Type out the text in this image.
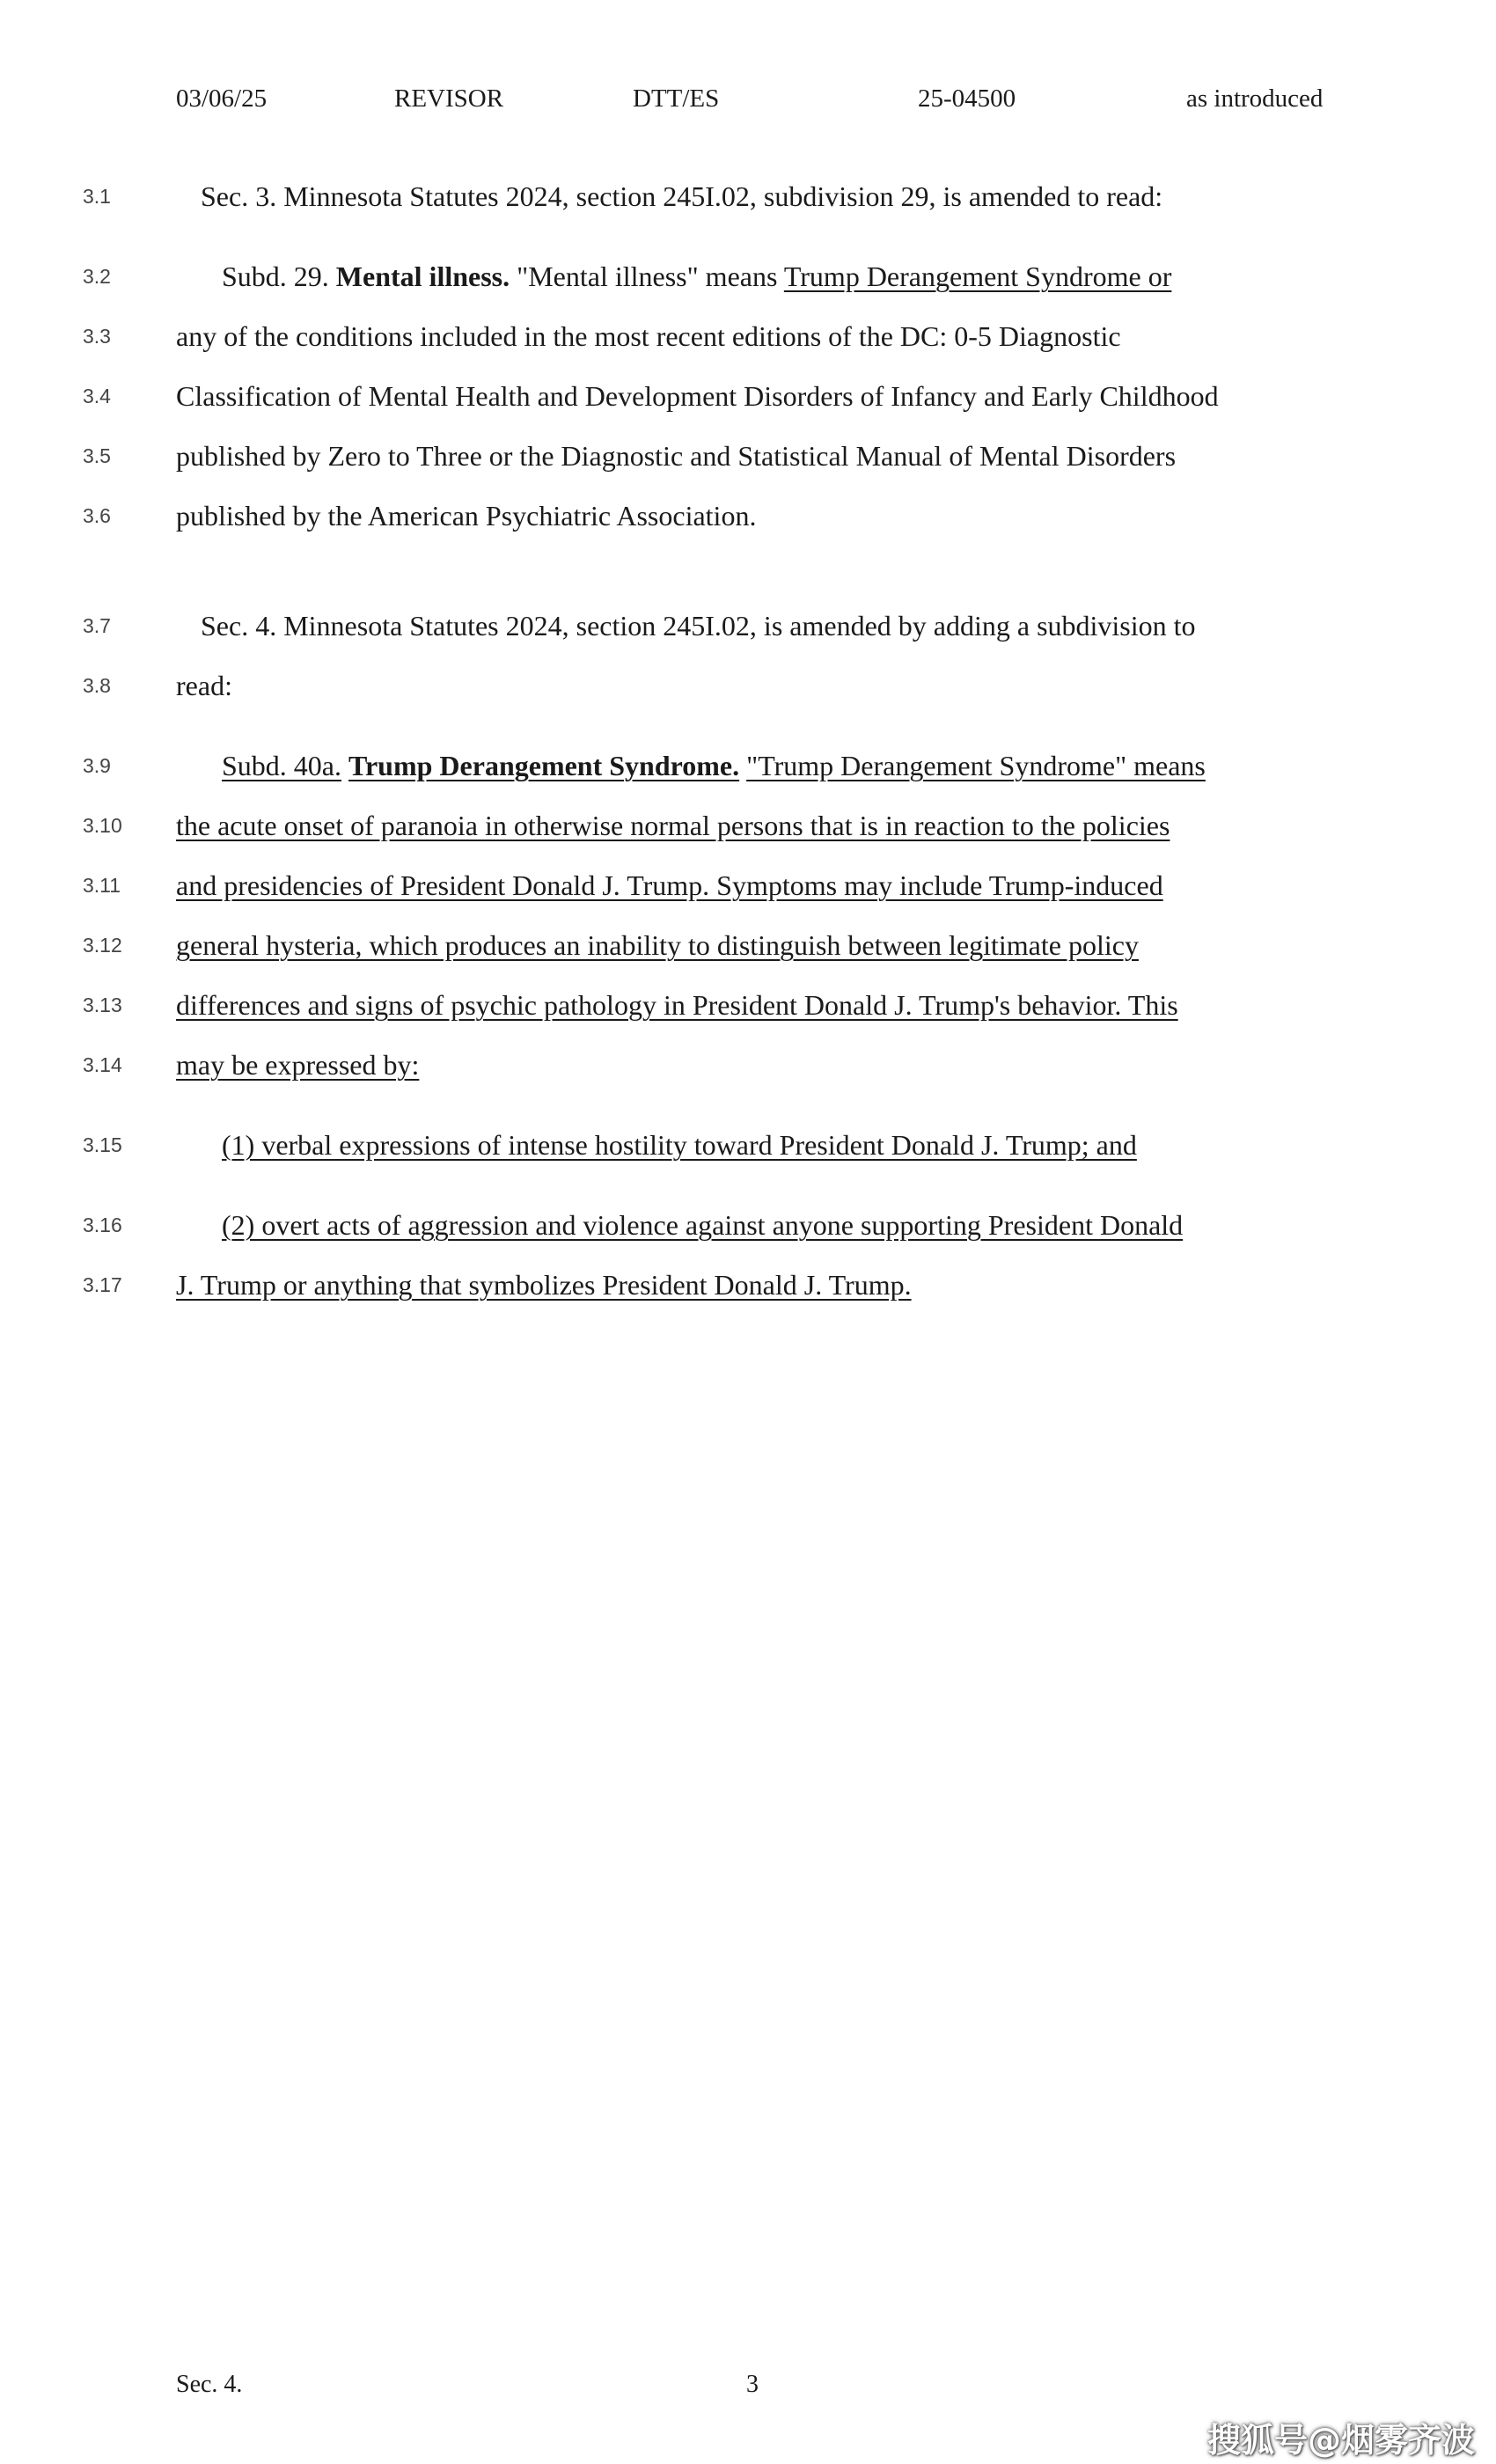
03/06/25	REVISOR	DTT/ES	25-04500	as introduced
3.1	Sec. 3. Minnesota Statutes 2024, section 245I.02, subdivision 29, is amended to read:
3.2	Subd. 29. Mental illness. "Mental illness" means Trump Derangement Syndrome or
3.3 any of the conditions included in the most recent editions of the DC: 0-5 Diagnostic
3.4 Classification of Mental Health and Development Disorders of Infancy and Early Childhood
3.5 published by Zero to Three or the Diagnostic and Statistical Manual of Mental Disorders
3.6 published by the American Psychiatric Association.
3.7	Sec. 4. Minnesota Statutes 2024, section 245I.02, is amended by adding a subdivision to
3.8 read:
3.9	Subd. 40a. Trump Derangement Syndrome. "Trump Derangement Syndrome" means
3.10 the acute onset of paranoia in otherwise normal persons that is in reaction to the policies
3.11 and presidencies of President Donald J. Trump. Symptoms may include Trump-induced
3.12 general hysteria, which produces an inability to distinguish between legitimate policy
3.13 differences and signs of psychic pathology in President Donald J. Trump's behavior. This
3.14 may be expressed by:
3.15	(1) verbal expressions of intense hostility toward President Donald J. Trump; and
3.16	(2) overt acts of aggression and violence against anyone supporting President Donald
3.17 J. Trump or anything that symbolizes President Donald J. Trump.
Sec. 4.	3
搜狐号@烟雾齐波
